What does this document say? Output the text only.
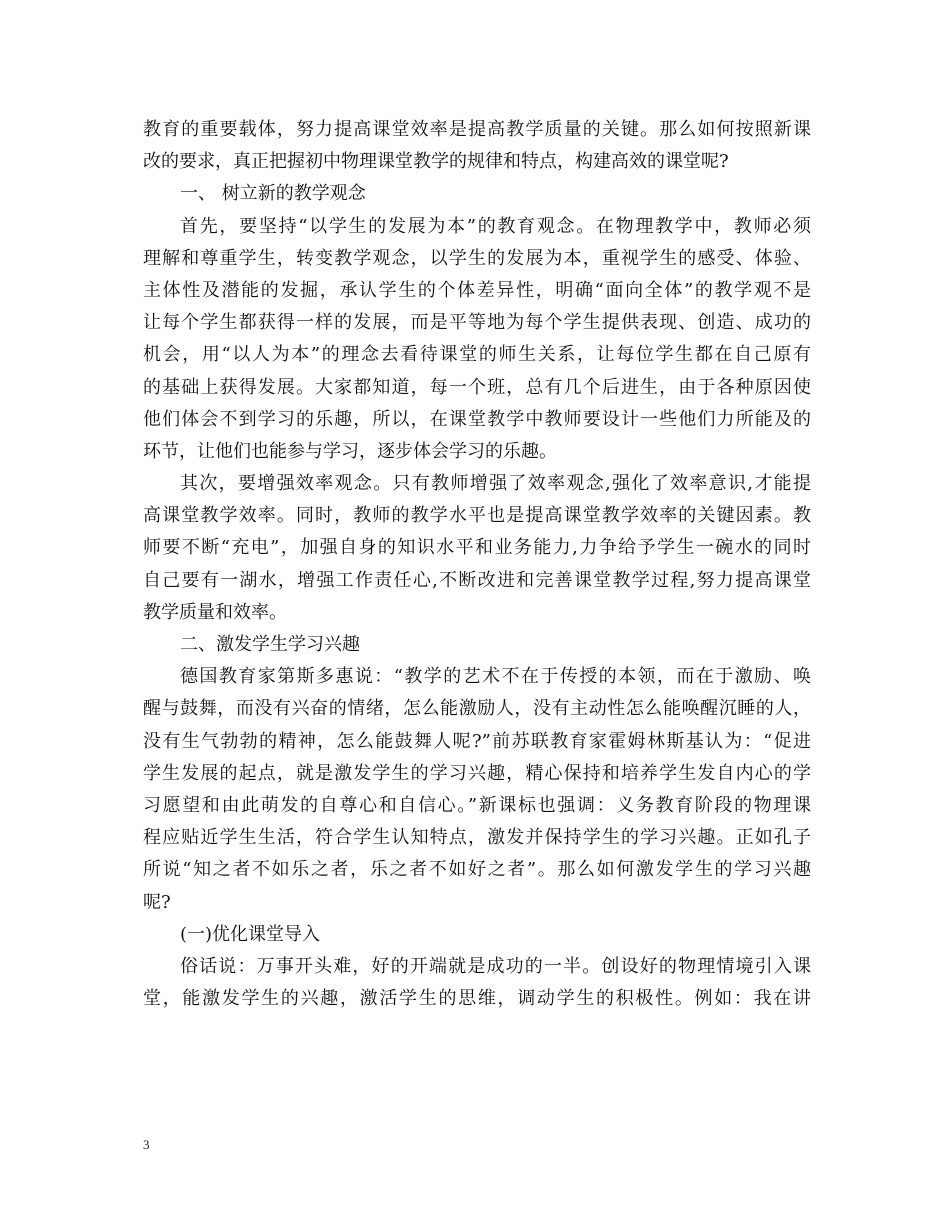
教育的重要载体，努力提高课堂效率是提高教学质量的关键。那么如何按照新课
改的要求，真正把握初中物理课堂教学的规律和特点，构建高效的课堂呢?
一、 树立新的教学观念
首先，要坚持“以学生的发展为本”的教育观念。在物理教学中，教师必须
理解和尊重学生，转变教学观念，以学生的发展为本，重视学生的感受、体验、
主体性及潜能的发掘，承认学生的个体差异性，明确“面向全体”的教学观不是
让每个学生都获得一样的发展，而是平等地为每个学生提供表现、创造、成功的
机会，用“以人为本”的理念去看待课堂的师生关系，让每位学生都在自己原有
的基础上获得发展。大家都知道，每一个班，总有几个后进生，由于各种原因使
他们体会不到学习的乐趣，所以，在课堂教学中教师要设计一些他们力所能及的
环节，让他们也能参与学习，逐步体会学习的乐趣。
其次，要增强效率观念。只有教师增强了效率观念,强化了效率意识,才能提
高课堂教学效率。同时，教师的教学水平也是提高课堂教学效率的关键因素。教
师要不断“充电”，加强自身的知识水平和业务能力,力争给予学生一碗水的同时
自己要有一湖水，增强工作责任心,不断改进和完善课堂教学过程,努力提高课堂
教学质量和效率。
二、激发学生学习兴趣
德国教育家第斯多惠说：“教学的艺术不在于传授的本领，而在于激励、唤
醒与鼓舞，而没有兴奋的情绪，怎么能激励人，没有主动性怎么能唤醒沉睡的人，
没有生气勃勃的精神，怎么能鼓舞人呢?”前苏联教育家霍姆林斯基认为：“促进
学生发展的起点，就是激发学生的学习兴趣，精心保持和培养学生发自内心的学
习愿望和由此萌发的自尊心和自信心。”新课标也强调：义务教育阶段的物理课
程应贴近学生生活，符合学生认知特点，激发并保持学生的学习兴趣。正如孔子
所说“知之者不如乐之者，乐之者不如好之者”。那么如何激发学生的学习兴趣
呢?
(一)优化课堂导入
俗话说：万事开头难，好的开端就是成功的一半。创设好的物理情境引入课
堂，能激发学生的兴趣，激活学生的思维，调动学生的积极性。例如：我在讲
3
